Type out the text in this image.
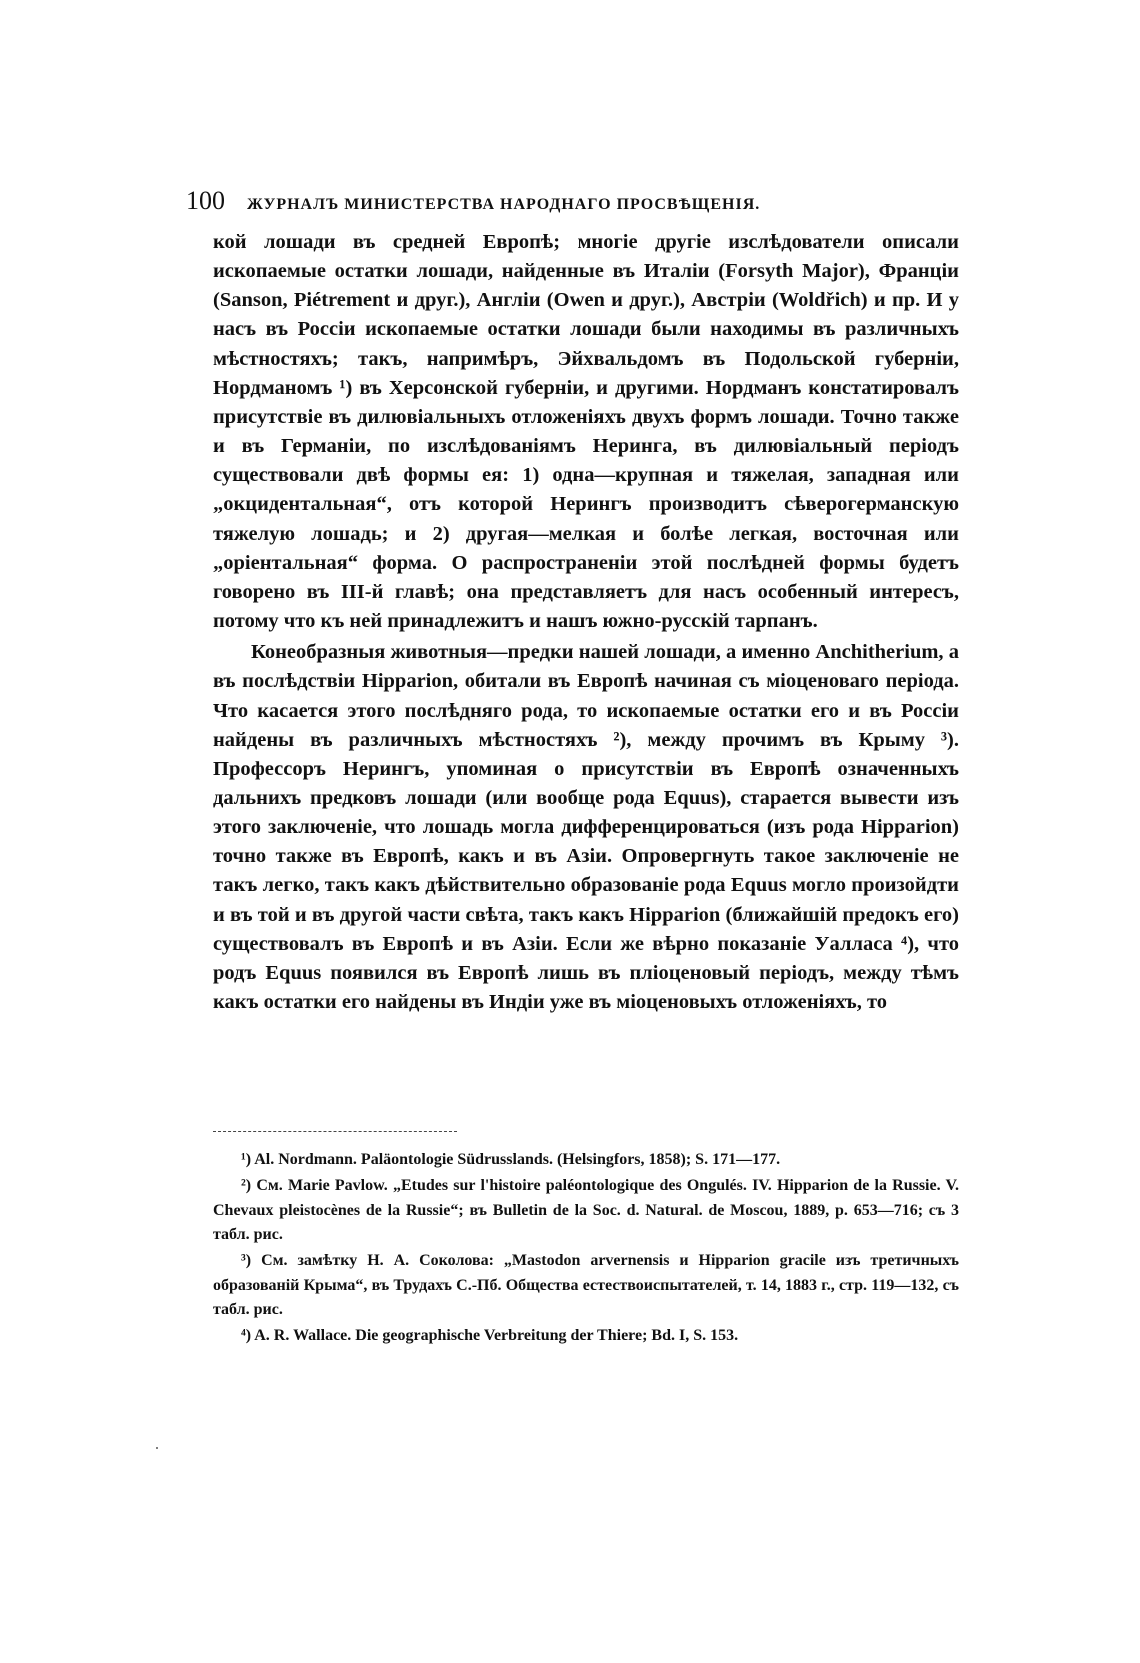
100 ЖУРНАЛЪ МИНИСТЕРСТВА НАРОДНАГО ПРОСВѢЩЕНІЯ.

кой лошади въ средней Европѣ; многіе другіе изслѣдователи описали ископаемые остатки лошади, найденные въ Италіи (Forsyth Major), Франціи (Sanson, Piétrement и друг.), Англіи (Owen и друг.), Австріи (Woldřich) и пр. И у насъ въ Россіи ископаемые остатки лошади были находимы въ различныхъ мѣстностяхъ; такъ, напримѣръ, Эйхвальдомъ въ Подольской губерніи, Нордманомъ ¹) въ Херсонской губерніи, и другими. Нордманъ констатировалъ присутствіе въ дилювіальныхъ отложеніяхъ двухъ формъ лошади. Точно также и въ Германіи, по изслѣдованіямъ Неринга, въ дилювіальный періодъ существовали двѣ формы ея: 1) одна—крупная и тяжелая, западная или „окцидентальная“, отъ которой Нерингъ производитъ сѣверогерманскую тяжелую лошадь; и 2) другая—мелкая и болѣе легкая, восточная или „оріентальная“ форма. О распространеніи этой послѣдней формы будетъ говорено въ III-й главѣ; она представляетъ для насъ особенный интересъ, потому что къ ней принадлежитъ и нашъ южно-русскій тарпанъ.

Конеобразныя животныя—предки нашей лошади, а именно Anchitherium, а въ послѣдствіи Hipparion, обитали въ Европѣ начиная съ міоценоваго періода. Что касается этого послѣдняго рода, то ископаемые остатки его и въ Россіи найдены въ различныхъ мѣстностяхъ ²), между прочимъ въ Крыму ³). Профессоръ Нерингъ, упоминая о присутствіи въ Европѣ означенныхъ дальнихъ предковъ лошади (или вообще рода Equus), старается вывести изъ этого заключеніе, что лошадь могла дифференцироваться (изъ рода Hipparion) точно также въ Европѣ, какъ и въ Азіи. Опровергнуть такое заключеніе не такъ легко, такъ какъ дѣйствительно образованіе рода Equus могло произойдти и въ той и въ другой части свѣта, такъ какъ Hipparion (ближайшій предокъ его) существовалъ въ Европѣ и въ Азіи. Если же вѣрно показаніе Уалласа ⁴), что родъ Equus появился въ Европѣ лишь въ пліоценовый періодъ, между тѣмъ какъ остатки его найдены въ Индіи уже въ міоценовыхъ отложеніяхъ, то

¹) Al. Nordmann. Paläontologie Südrusslands. (Helsingfors, 1858); S. 171—177.

²) См. Marie Pavlow. „Etudes sur l'histoire paléontologique des Ongulés. IV. Hipparion de la Russie. V. Chevaux pleistocènes de la Russie“; въ Bulletin de la Soc. d. Natural. de Moscou, 1889, p. 653—716; съ 3 табл. рис.

³) См. замѣтку Н. А. Соколова: „Mastodon arvernensis и Hipparion gracile изъ третичныхъ образованій Крыма“, въ Трудахъ С.-Пб. Общества естествоиспытателей, т. 14, 1883 г., стр. 119—132, съ табл. рис.

⁴) A. R. Wallace. Die geographische Verbreitung der Thiere; Bd. I, S. 153.
